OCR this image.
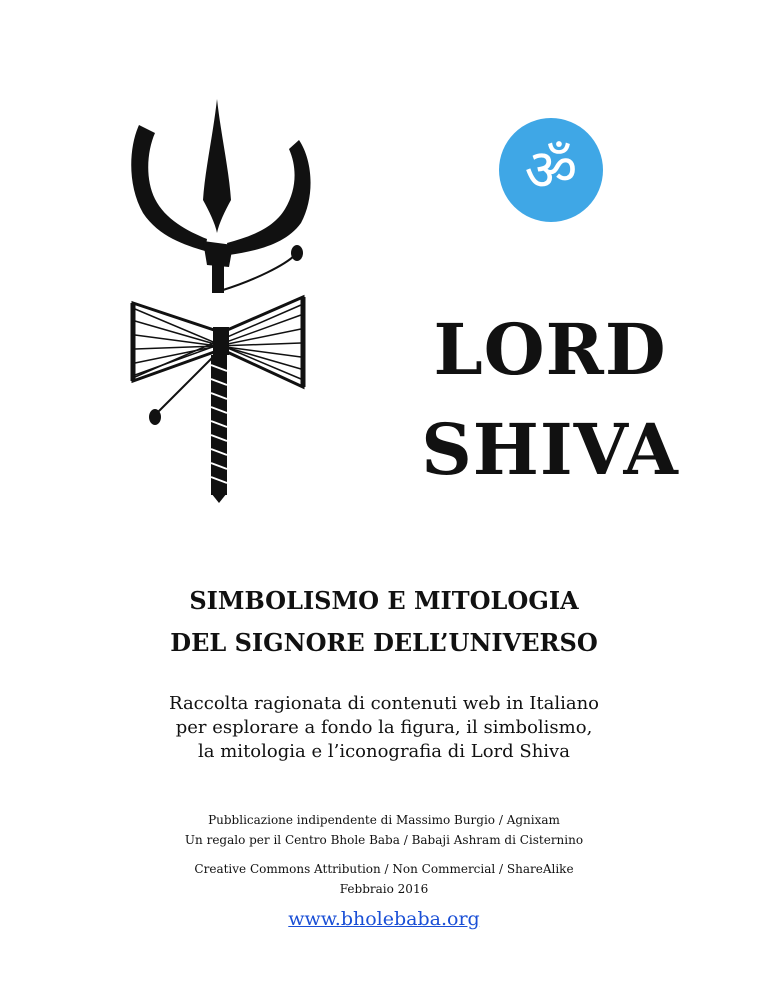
ॐ
LORD
SHIVA
SIMBOLISMO E MITOLOGIA
DEL SIGNORE DELL’UNIVERSO
Raccolta ragionata di contenuti web in Italiano
per esplorare a fondo la figura, il simbolismo,
la mitologia e l’iconografia di Lord Shiva
Pubblicazione indipendente di Massimo Burgio / Agnixam
Un regalo per il Centro Bhole Baba / Babaji Ashram di Cisternino
Creative Commons Attribution / Non Commercial / ShareAlike
Febbraio 2016
www.bholebaba.org
